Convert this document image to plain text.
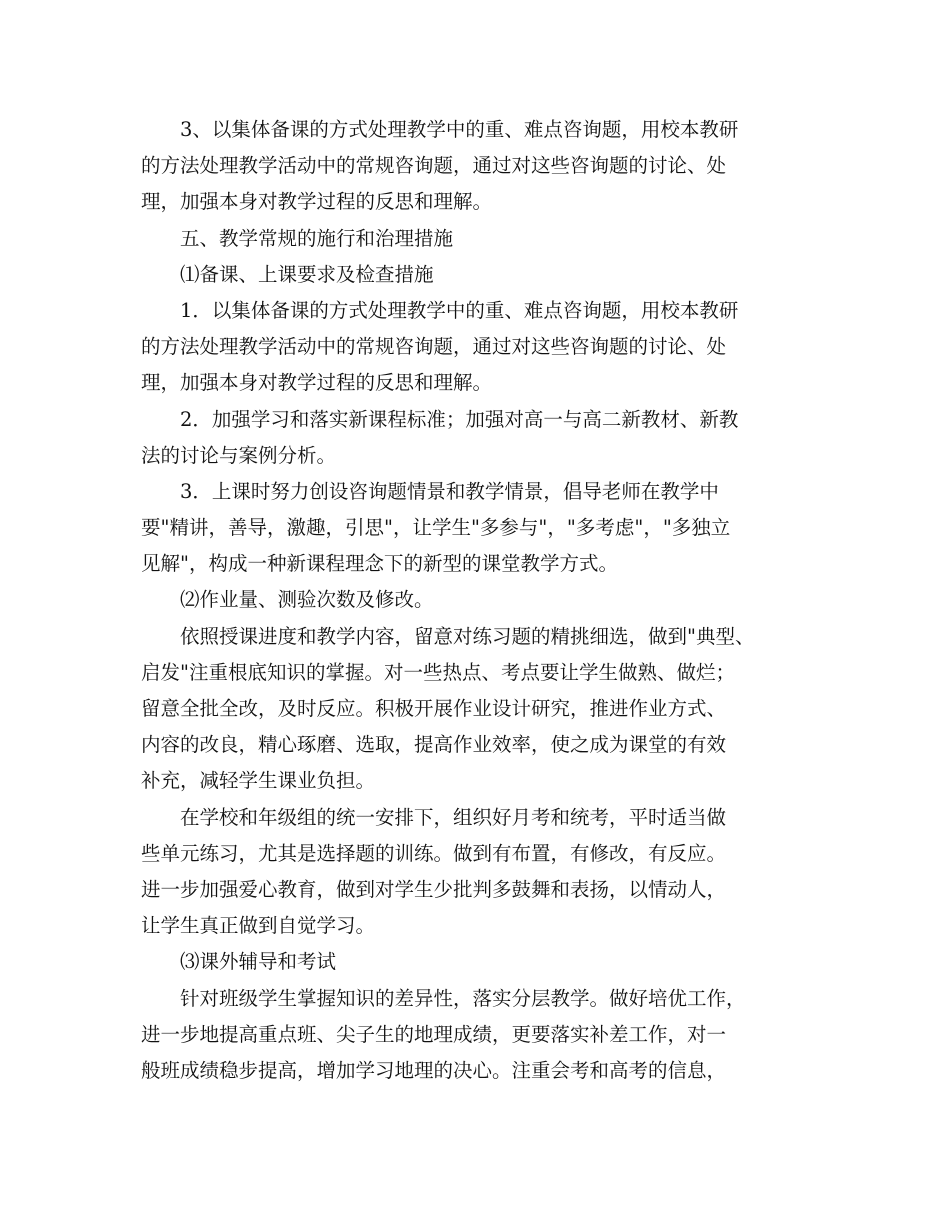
3、以集体备课的方式处理教学中的重、难点咨询题，用校本教研
的方法处理教学活动中的常规咨询题，通过对这些咨询题的讨论、处
理，加强本身对教学过程的反思和理解。
五、教学常规的施行和治理措施
⑴备课、上课要求及检查措施
1．以集体备课的方式处理教学中的重、难点咨询题，用校本教研
的方法处理教学活动中的常规咨询题，通过对这些咨询题的讨论、处
理，加强本身对教学过程的反思和理解。
2．加强学习和落实新课程标准；加强对高一与高二新教材、新教
法的讨论与案例分析。
3．上课时努力创设咨询题情景和教学情景，倡导老师在教学中
要"精讲，善导，激趣，引思"，让学生"多参与"，"多考虑"，"多独立
见解"，构成一种新课程理念下的新型的课堂教学方式。
⑵作业量、测验次数及修改。
依照授课进度和教学内容，留意对练习题的精挑细选，做到"典型、
启发"注重根底知识的掌握。对一些热点、考点要让学生做熟、做烂；
留意全批全改，及时反应。积极开展作业设计研究，推进作业方式、
内容的改良，精心琢磨、选取，提高作业效率，使之成为课堂的有效
补充，减轻学生课业负担。
在学校和年级组的统一安排下，组织好月考和统考，平时适当做
些单元练习，尤其是选择题的训练。做到有布置，有修改，有反应。
进一步加强爱心教育，做到对学生少批判多鼓舞和表扬，以情动人，
让学生真正做到自觉学习。
⑶课外辅导和考试
针对班级学生掌握知识的差异性，落实分层教学。做好培优工作，
进一步地提高重点班、尖子生的地理成绩，更要落实补差工作，对一
般班成绩稳步提高，增加学习地理的决心。注重会考和高考的信息，
